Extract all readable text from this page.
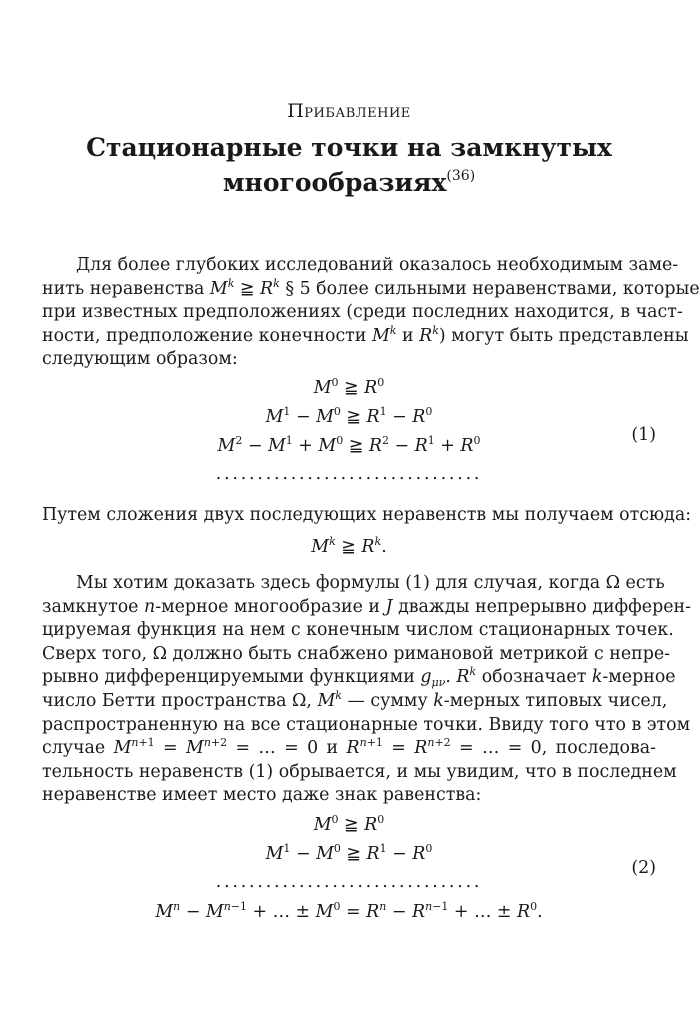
Прибавление
Стационарные точки на замкнутых
многообразиях$^{(36)}$
Для более глубоких исследований оказалось необходимым заме-
нить неравенства $M^k$ ≧ $R^k$ § 5 более сильными неравенствами, которые
при известных предположениях (среди последних находится, в част-
ности, предположение конечности $M^k$ и $R^k$) могут быть представлены
следующим образом:
$M^0$ ≧ $R^0$
$M^1 - M^0$ ≧ $R^1 - R^0$
$M^2 - M^1 + M^0$ ≧ $R^2 - R^1 + R^0$
................................
(1)
Путем сложения двух последующих неравенств мы получаем отсюда:
$M^k$ ≧ $R^k$.
Мы хотим доказать здесь формулы (1) для случая, когда Ω есть
замкнутое n-мерное многообразие и J дважды непрерывно дифферен-
цируемая функция на нем с конечным числом стационарных точек.
Сверх того, Ω должно быть снабжено римановой метрикой с непре-
рывно дифференцируемыми функциями $g_{\mu\nu}$. $R^k$ обозначает k-мерное
число Бетти пространства Ω, $M^k$ — сумму k-мерных типовых чисел,
распространенную на все стационарные точки. Ввиду того что в этом
случае $M^{n+1} = M^{n+2}$ = … = 0 и $R^{n+1} = R^{n+2}$ = … = 0, последова-
тельность неравенств (1) обрывается, и мы увидим, что в последнем
неравенстве имеет место даже знак равенства:
$M^0$ ≧ $R^0$
$M^1 - M^0$ ≧ $R^1 - R^0$
................................
$M^n - M^{n-1}$ + … ± $M^0 = R^n - R^{n-1}$ + … ± $R^0$.
(2)
